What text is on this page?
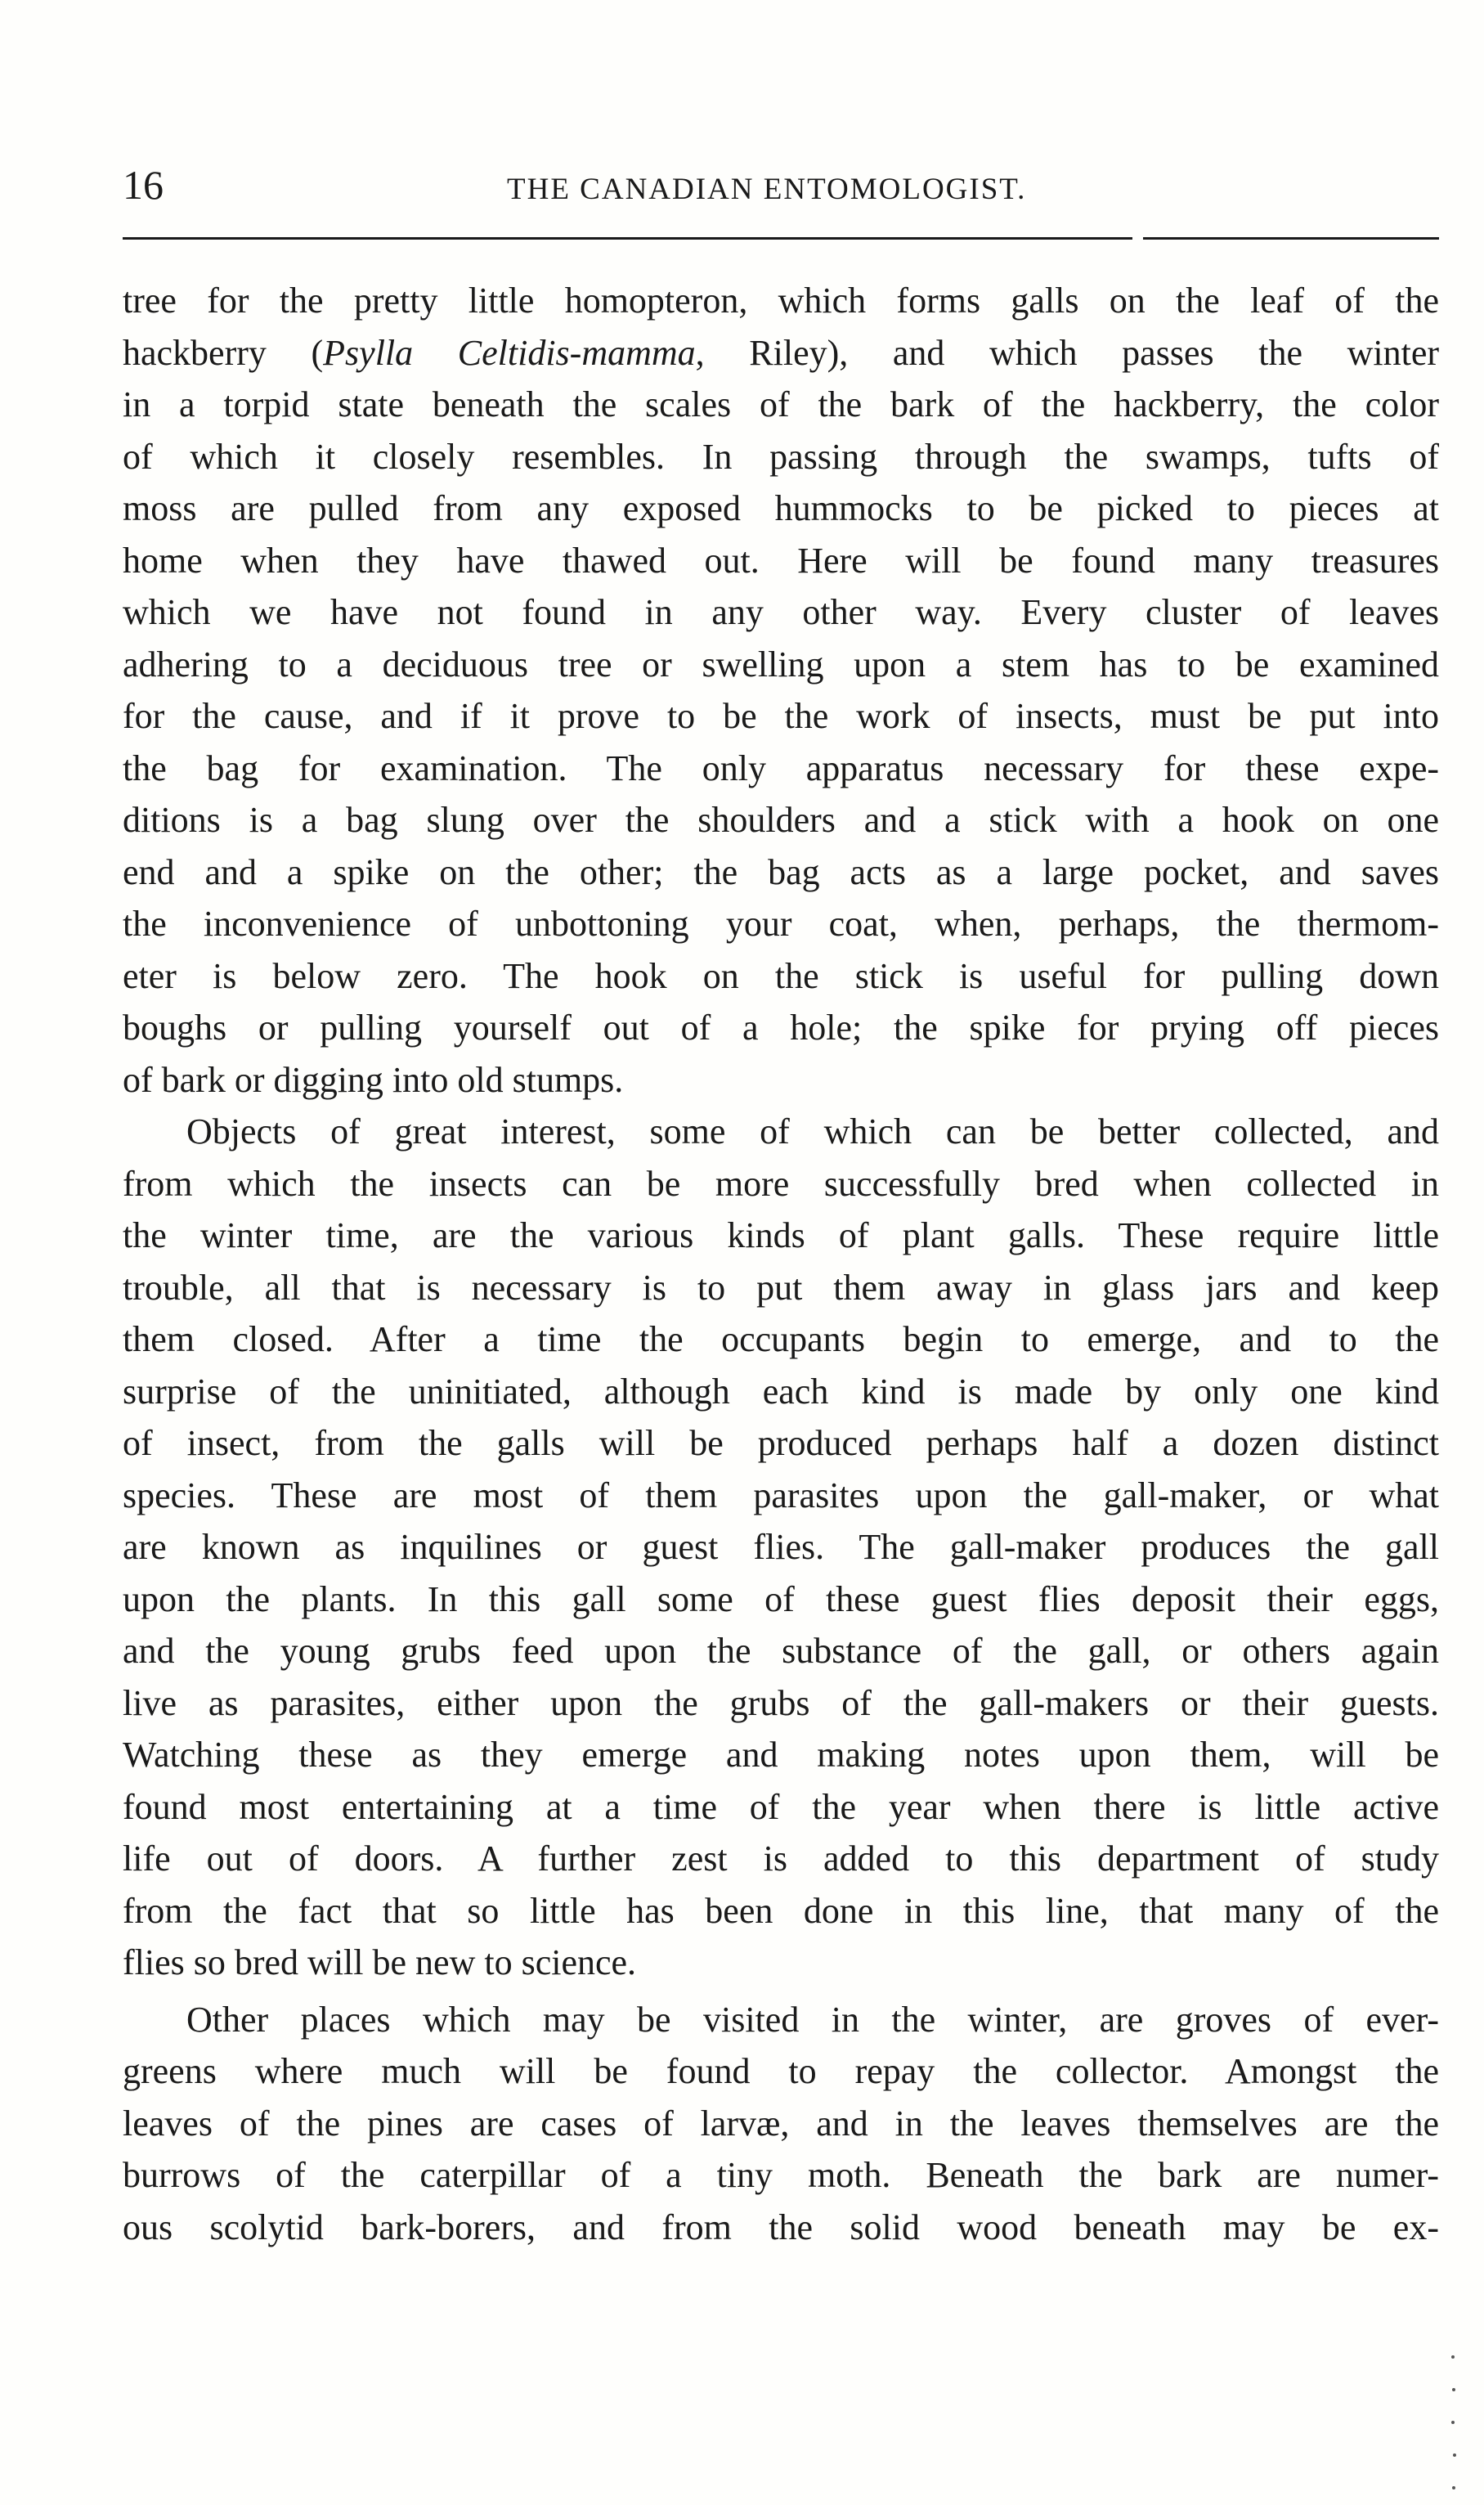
16	THE CANADIAN ENTOMOLOGIST.

tree for the pretty little homopteron, which forms galls on the leaf of the
hackberry (Psylla Celtidis-mamma, Riley), and which passes the winter
in a torpid state beneath the scales of the bark of the hackberry, the color
of which it closely resembles. In passing through the swamps, tufts of
moss are pulled from any exposed hummocks to be picked to pieces at
home when they have thawed out. Here will be found many treasures
which we have not found in any other way. Every cluster of leaves
adhering to a deciduous tree or swelling upon a stem has to be examined
for the cause, and if it prove to be the work of insects, must be put into
the bag for examination. The only apparatus necessary for these expe-
ditions is a bag slung over the shoulders and a stick with a hook on one
end and a spike on the other; the bag acts as a large pocket, and saves
the inconvenience of unbottoning your coat, when, perhaps, the thermom-
eter is below zero. The hook on the stick is useful for pulling down
boughs or pulling yourself out of a hole; the spike for prying off pieces
of bark or digging into old stumps.

Objects of great interest, some of which can be better collected, and
from which the insects can be more successfully bred when collected in
the winter time, are the various kinds of plant galls. These require little
trouble, all that is necessary is to put them away in glass jars and keep
them closed. After a time the occupants begin to emerge, and to the
surprise of the uninitiated, although each kind is made by only one kind
of insect, from the galls will be produced perhaps half a dozen distinct
species. These are most of them parasites upon the gall-maker, or what
are known as inquilines or guest flies. The gall-maker produces the gall
upon the plants. In this gall some of these guest flies deposit their eggs,
and the young grubs feed upon the substance of the gall, or others again
live as parasites, either upon the grubs of the gall-makers or their guests.
Watching these as they emerge and making notes upon them, will be
found most entertaining at a time of the year when there is little active
life out of doors. A further zest is added to this department of study
from the fact that so little has been done in this line, that many of the
flies so bred will be new to science.

Other places which may be visited in the winter, are groves of ever-
greens where much will be found to repay the collector. Amongst the
leaves of the pines are cases of larvæ, and in the leaves themselves are the
burrows of the caterpillar of a tiny moth. Beneath the bark are numer-
ous scolytid bark-borers, and from the solid wood beneath may be ex-
